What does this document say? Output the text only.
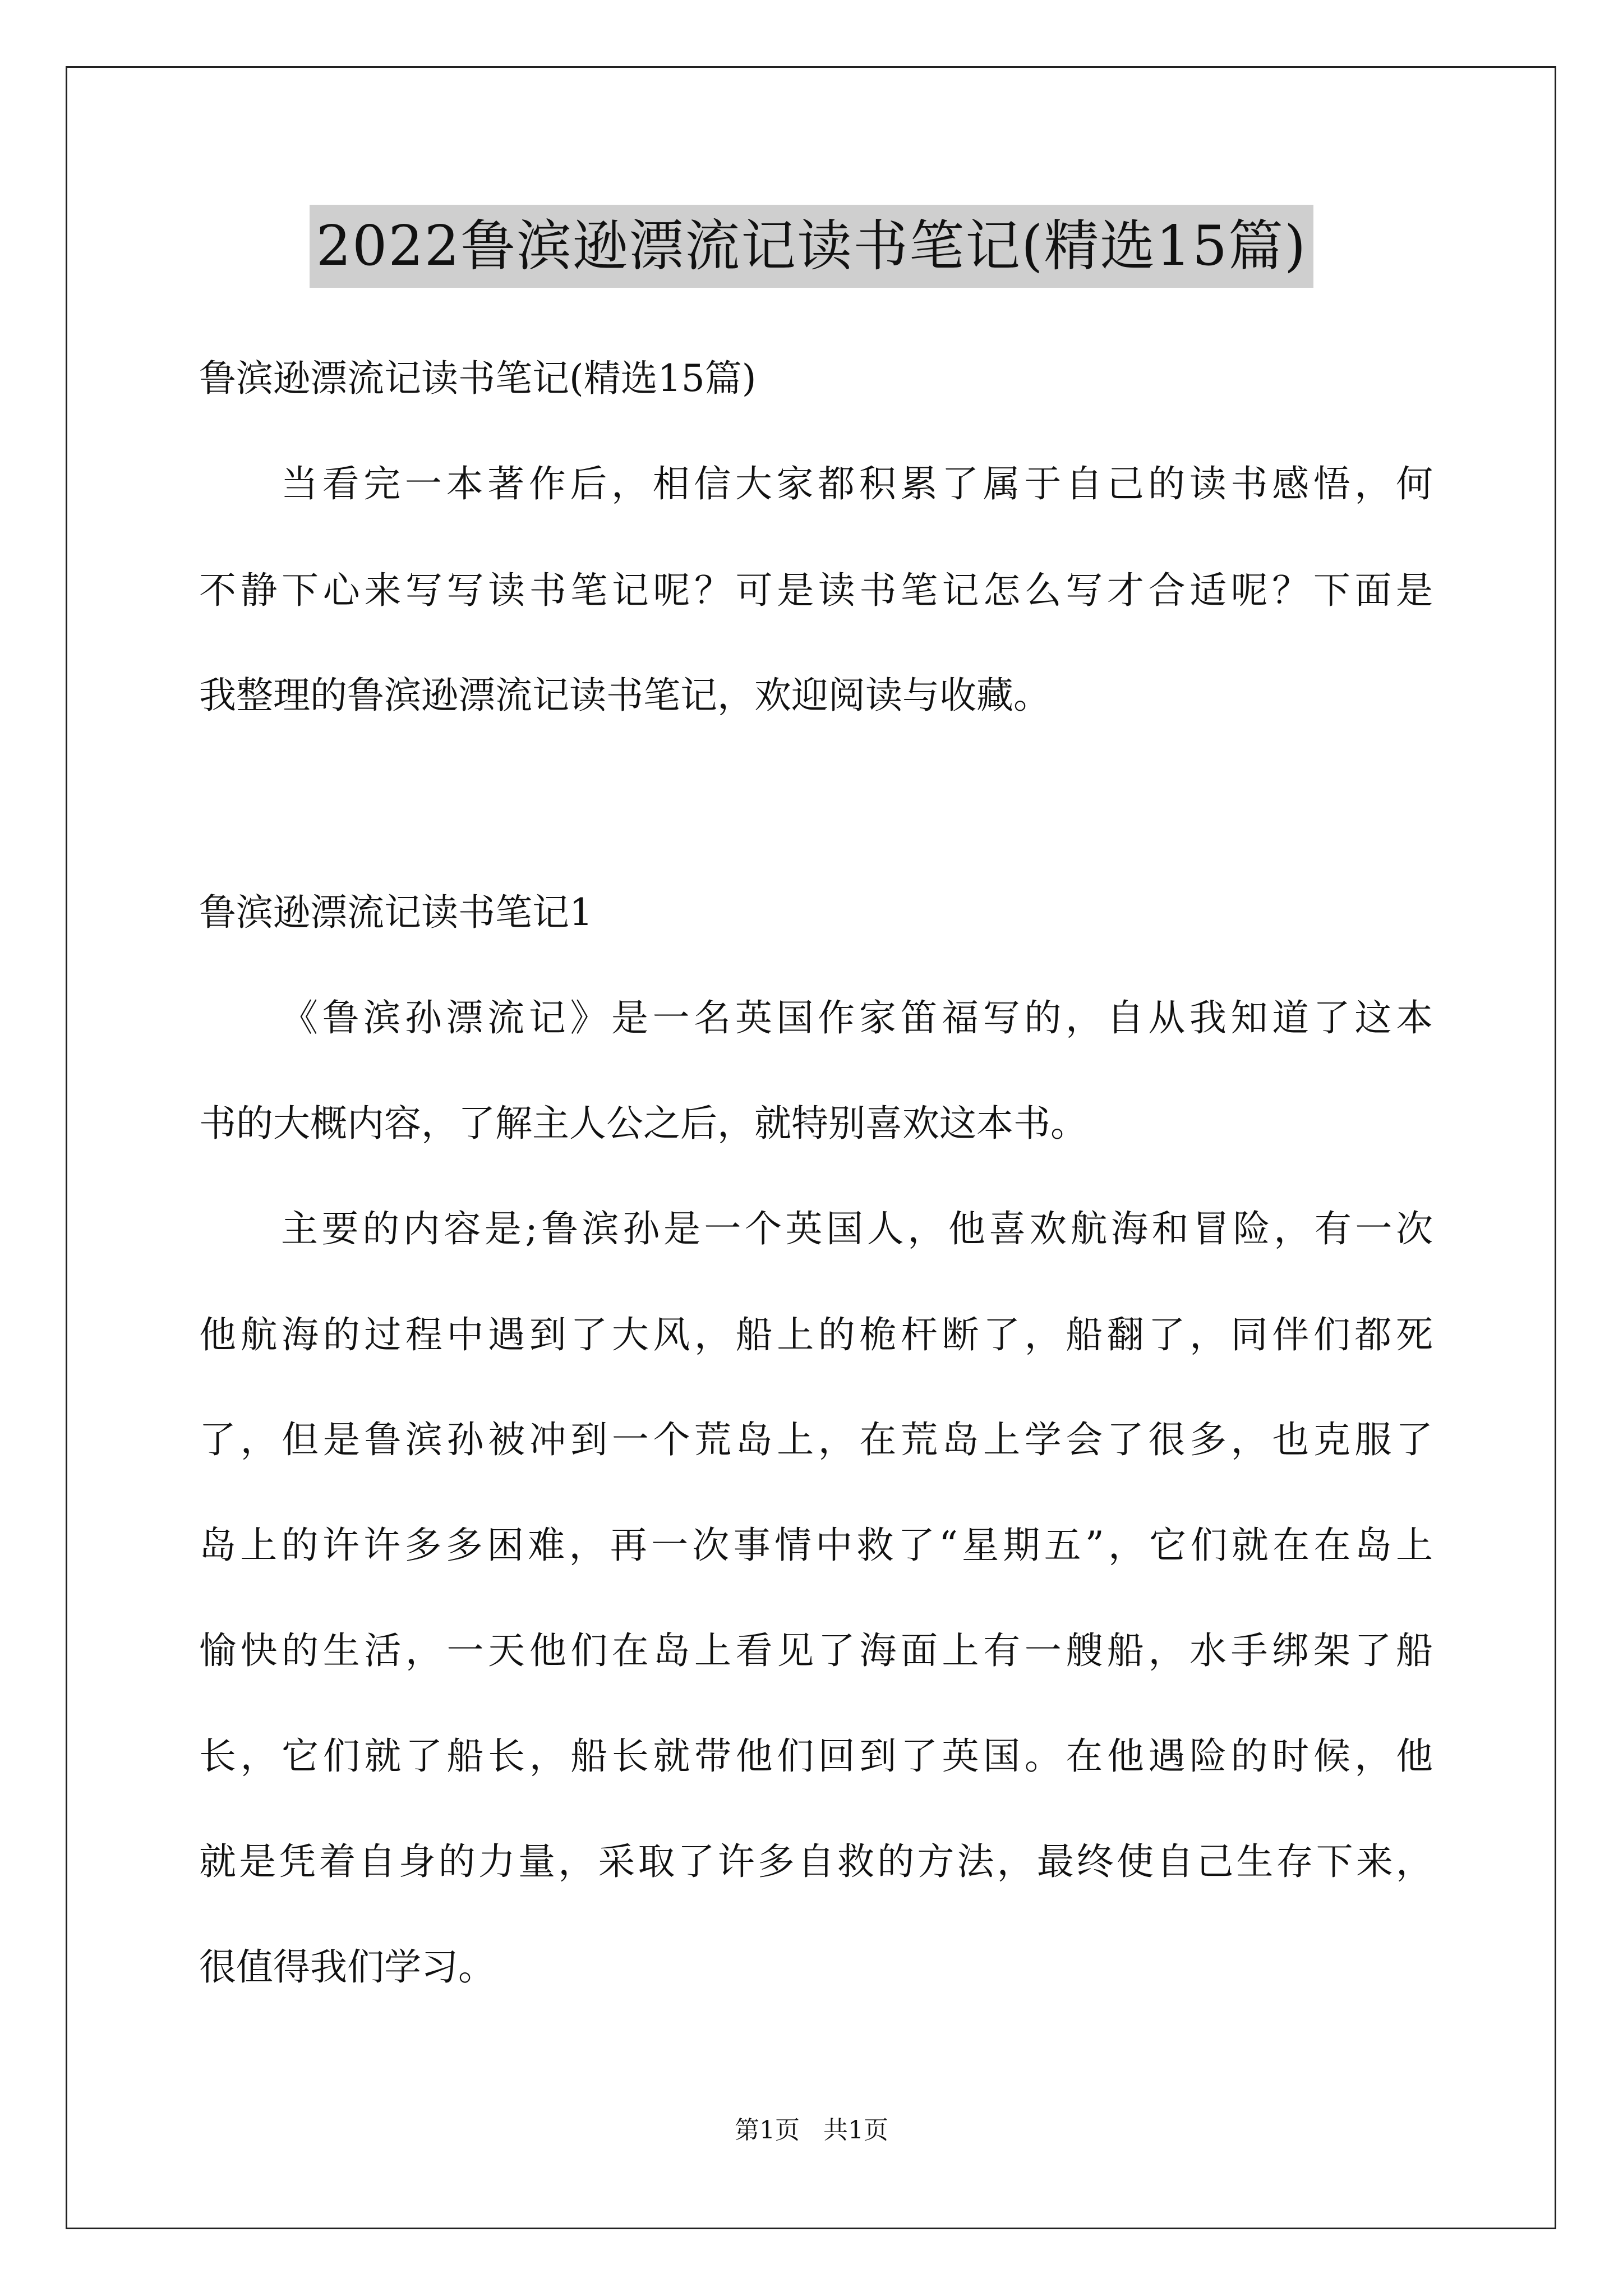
2022鲁滨逊漂流记读书笔记(精选15篇)
鲁滨逊漂流记读书笔记(精选15篇)
当看完一本著作后，相信大家都积累了属于自己的读书感悟，何
不静下心来写写读书笔记呢？可是读书笔记怎么写才合适呢？下面是
我整理的鲁滨逊漂流记读书笔记，欢迎阅读与收藏。
鲁滨逊漂流记读书笔记1
《鲁滨孙漂流记》是一名英国作家笛福写的，自从我知道了这本
书的大概内容，了解主人公之后，就特别喜欢这本书。
主要的内容是;鲁滨孙是一个英国人，他喜欢航海和冒险，有一次
他航海的过程中遇到了大风，船上的桅杆断了，船翻了，同伴们都死
了，但是鲁滨孙被冲到一个荒岛上，在荒岛上学会了很多，也克服了
岛上的许许多多困难，再一次事情中救了“星期五”，它们就在在岛上
愉快的生活，一天他们在岛上看见了海面上有一艘船，水手绑架了船
长，它们就了船长，船长就带他们回到了英国。在他遇险的时候，他
就是凭着自身的力量，采取了许多自救的方法，最终使自己生存下来，
很值得我们学习。
第1页 共1页
